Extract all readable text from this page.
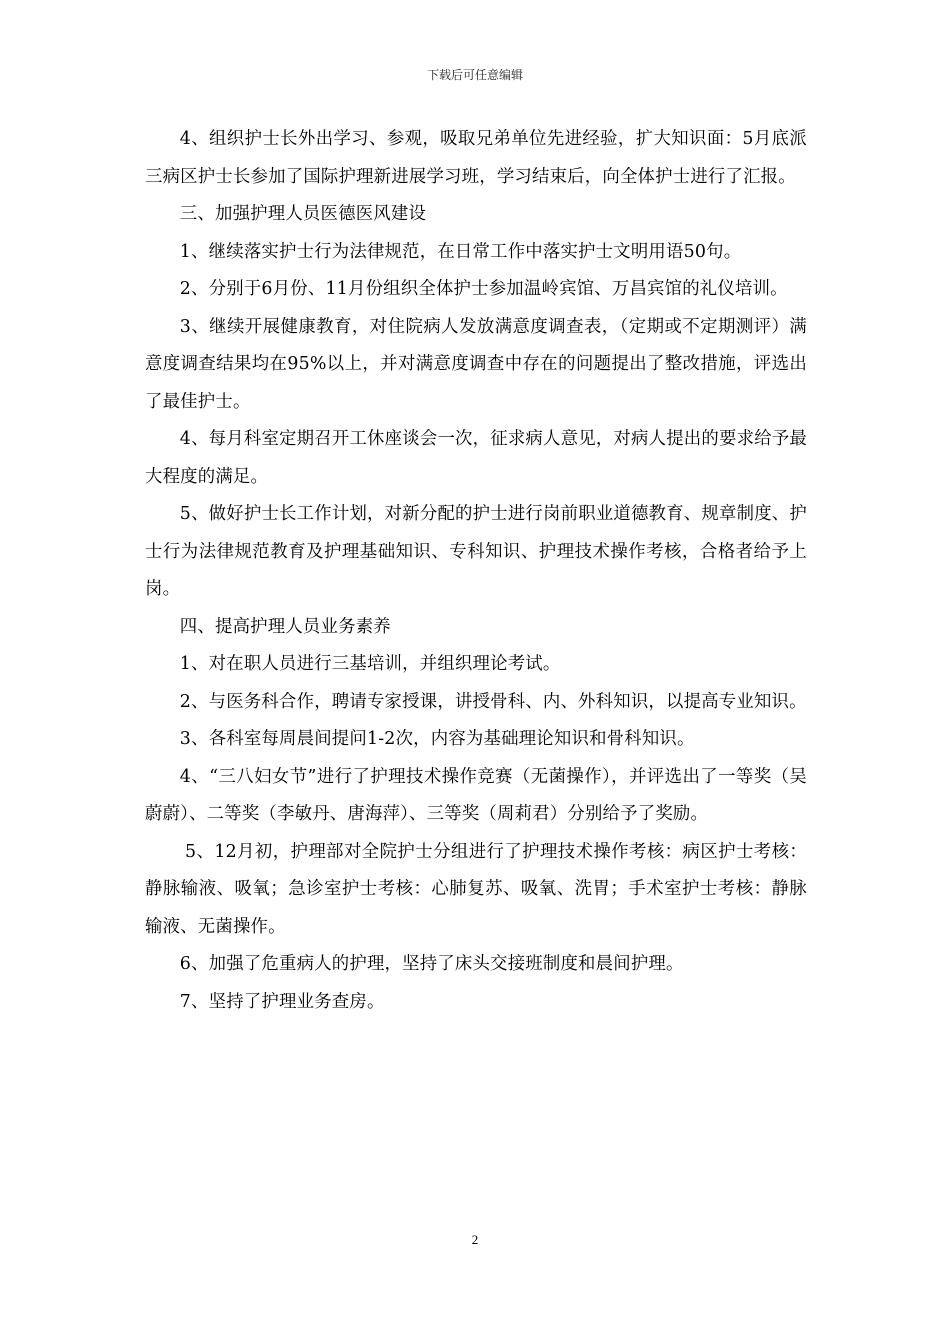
下载后可任意编辑

4、组织护士长外出学习、参观，吸取兄弟单位先进经验，扩大知识面：5月底派三病区护士长参加了国际护理新进展学习班，学习结束后，向全体护士进行了汇报。

三、加强护理人员医德医风建设

1、继续落实护士行为法律规范，在日常工作中落实护士文明用语50句。

2、分别于6月份、11月份组织全体护士参加温岭宾馆、万昌宾馆的礼仪培训。

3、继续开展健康教育，对住院病人发放满意度调查表，（定期或不定期测评）满意度调查结果均在95%以上，并对满意度调查中存在的问题提出了整改措施，评选出了最佳护士。

4、每月科室定期召开工休座谈会一次，征求病人意见，对病人提出的要求给予最大程度的满足。

5、做好护士长工作计划，对新分配的护士进行岗前职业道德教育、规章制度、护士行为法律规范教育及护理基础知识、专科知识、护理技术操作考核，合格者给予上岗。

四、提高护理人员业务素养

1、对在职人员进行三基培训，并组织理论考试。

2、与医务科合作，聘请专家授课，讲授骨科、内、外科知识，以提高专业知识。

3、各科室每周晨间提问1-2次，内容为基础理论知识和骨科知识。

4、“三八妇女节”进行了护理技术操作竞赛（无菌操作），并评选出了一等奖（吴蔚蔚）、二等奖（李敏丹、唐海萍）、三等奖（周莉君）分别给予了奖励。

5、12月初，护理部对全院护士分组进行了护理技术操作考核：病区护士考核：静脉输液、吸氧；急诊室护士考核：心肺复苏、吸氧、洗胃；手术室护士考核：静脉输液、无菌操作。

6、加强了危重病人的护理，坚持了床头交接班制度和晨间护理。

7、坚持了护理业务查房。

2
